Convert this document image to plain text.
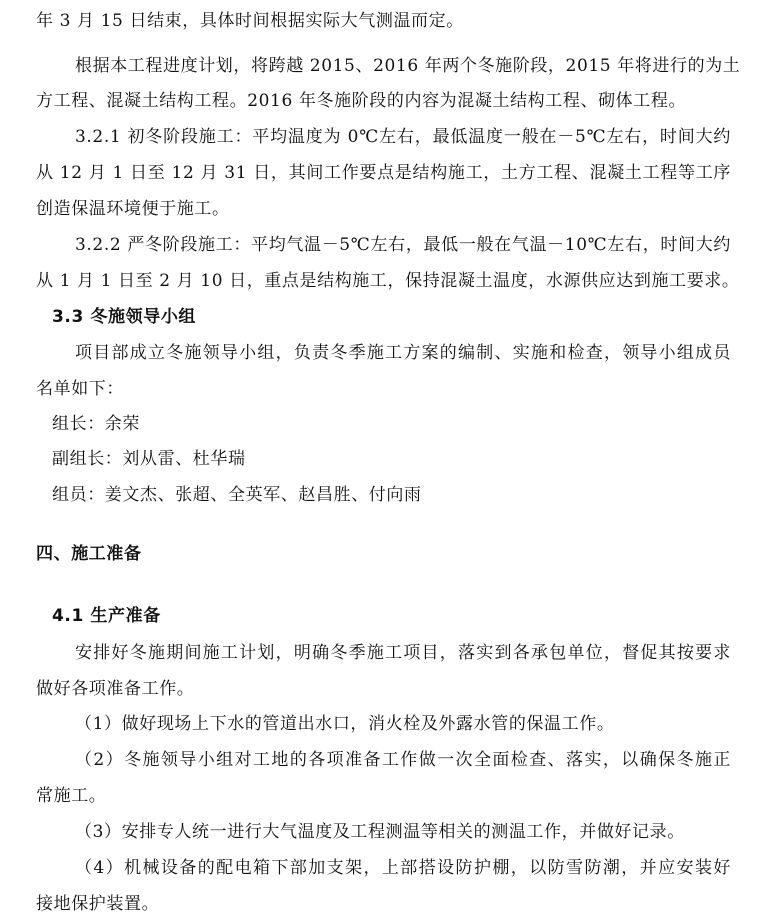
年 3 月 15 日结束，具体时间根据实际大气测温而定。
根据本工程进度计划，将跨越 2015、2016 年两个冬施阶段，2015 年将进行的为土
方工程、混凝土结构工程。2016 年冬施阶段的内容为混凝土结构工程、砌体工程。
3.2.1 初冬阶段施工：平均温度为 0℃左右，最低温度一般在－5℃左右，时间大约
从 12 月 1 日至 12 月 31 日，其间工作要点是结构施工，土方工程、混凝土工程等工序
创造保温环境便于施工。
3.2.2 严冬阶段施工：平均气温－5℃左右，最低一般在气温－10℃左右，时间大约
从 1 月 1 日至 2 月 10 日，重点是结构施工，保持混凝土温度，水源供应达到施工要求。
3.3 冬施领导小组
项目部成立冬施领导小组，负责冬季施工方案的编制、实施和检查，领导小组成员
名单如下：
组长：余荣
副组长：刘从雷、杜华瑞
组员：姜文杰、张超、全英军、赵昌胜、付向雨
四、施工准备
4.1 生产准备
安排好冬施期间施工计划，明确冬季施工项目，落实到各承包单位，督促其按要求
做好各项准备工作。
（1）做好现场上下水的管道出水口，消火栓及外露水管的保温工作。
（2）冬施领导小组对工地的各项准备工作做一次全面检查、落实，以确保冬施正
常施工。
（3）安排专人统一进行大气温度及工程测温等相关的测温工作，并做好记录。
（4）机械设备的配电箱下部加支架，上部搭设防护棚，以防雪防潮，并应安装好
接地保护装置。
